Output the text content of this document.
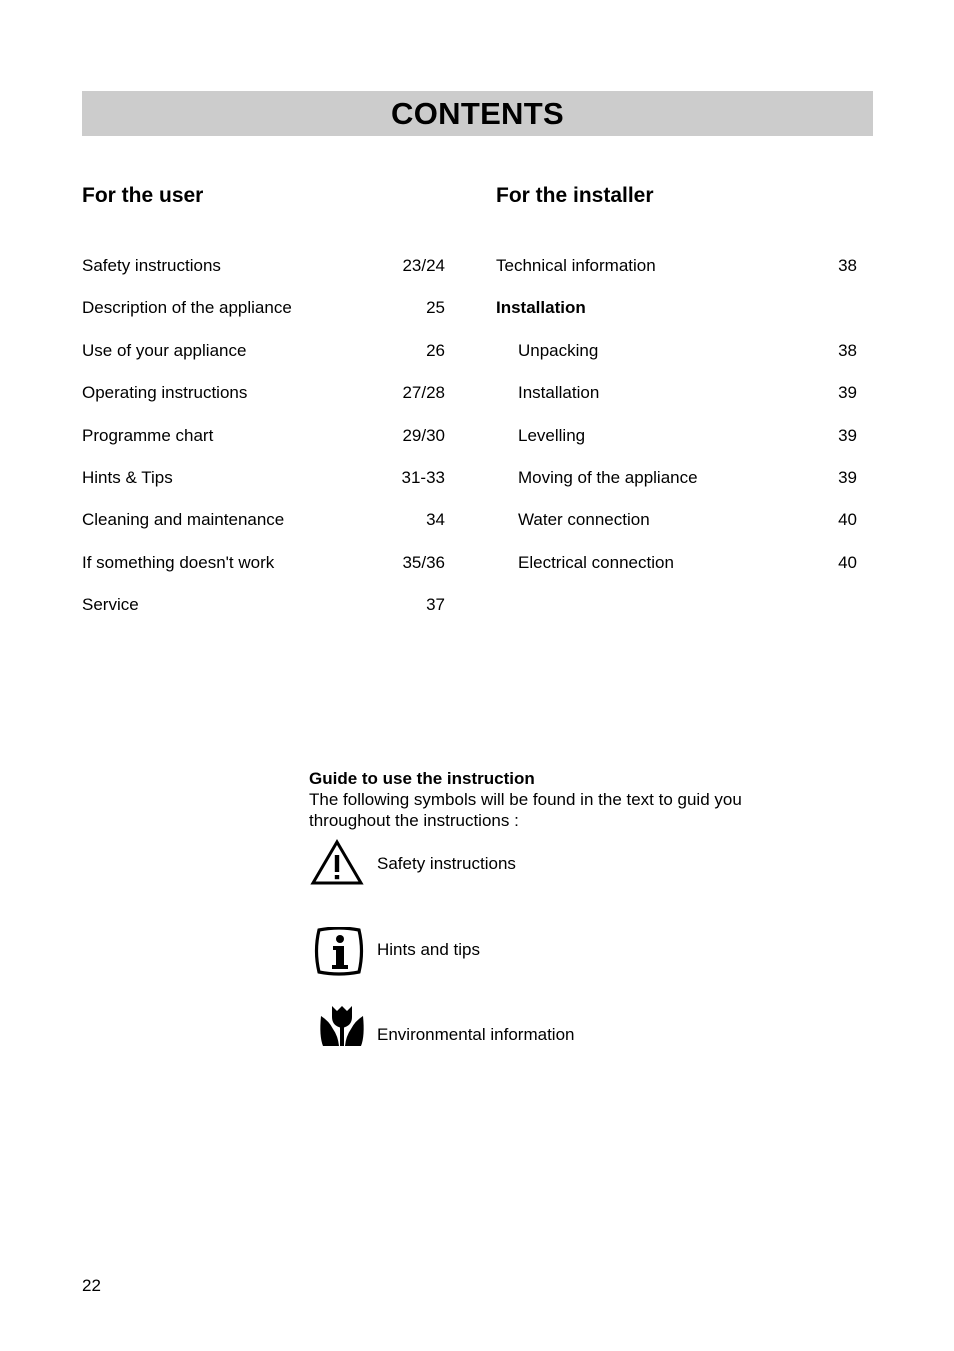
CONTENTS
For the user	For the installer
Safety instructions	23/24
Description of the appliance	25
Use of your appliance	26
Operating instructions	27/28
Programme chart	29/30
Hints & Tips	31-33
Cleaning and maintenance	34
If something doesn't work	35/36
Service	37
Technical information	38
Installation
Unpacking	38
Installation	39
Levelling	39
Moving of the appliance	39
Water connection	40
Electrical connection	40
Guide to use the instruction
The following symbols will be found in the text to guid you
throughout the instructions :
Safety instructions
Hints and tips
Environmental information
22
